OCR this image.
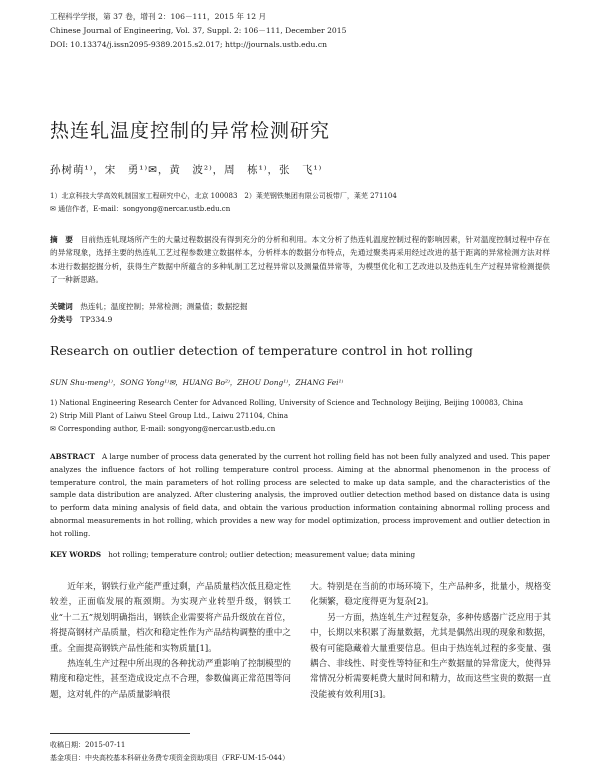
工程科学学报，第 37 卷，增刊 2：106－111，2015 年 12 月
Chinese Journal of Engineering, Vol. 37, Suppl. 2: 106－111, December 2015
DOI: 10.13374/j.issn2095-9389.2015.s2.017; http://journals.ustb.edu.cn
热连轧温度控制的异常检测研究
孙树萌¹⁾，宋　勇¹⁾✉，黄　波²⁾，周　栋¹⁾，张　飞¹⁾
1）北京科技大学高效轧制国家工程研究中心，北京 100083　2）莱芜钢铁集团有限公司板带厂，莱芜 271104
✉ 通信作者，E-mail：songyong@nercar.ustb.edu.cn
摘　要　 目前热连轧现场所产生的大量过程数据没有得到充分的分析和利用。本文分析了热连轧温度控制过程的影响因素，针对温度控制过程中存在的异常现象，选择主要的热连轧工艺过程参数建立数据样本，分析样本的数据分布特点，先通过聚类再采用经过改进的基于距离的异常检测方法对样本进行数据挖掘分析，获得生产数据中所蕴含的多种轧制工艺过程异常以及测量值异常等，为模型优化和工艺改进以及热连轧生产过程异常检测提供了一种新思路。
关键词　 热连轧；温度控制；异常检测；测量值；数据挖掘
分类号　 TP334.9
Research on outlier detection of temperature control in hot rolling
SUN Shu-meng¹⁾，SONG Yong¹⁾✉，HUANG Bo²⁾，ZHOU Dong¹⁾，ZHANG Fei¹⁾
1) National Engineering Research Center for Advanced Rolling, University of Science and Technology Beijing, Beijing 100083, China
2) Strip Mill Plant of Laiwu Steel Group Ltd., Laiwu 271104, China
✉ Corresponding author, E-mail: songyong@nercar.ustb.edu.cn
ABSTRACT　 A large number of process data generated by the current hot rolling field has not been fully analyzed and used. This paper analyzes the influence factors of hot rolling temperature control process. Aiming at the abnormal phenomenon in the process of temperature control, the main parameters of hot rolling process are selected to make up data sample, and the characteristics of the sample data distribution are analyzed. After clustering analysis, the improved outlier detection method based on distance data is using to perform data mining analysis of field data, and obtain the various production information containing abnormal rolling process and abnormal measurements in hot rolling, which provides a new way for model optimization, process improvement and outlier detection in hot rolling.
KEY WORDS　 hot rolling; temperature control; outlier detection; measurement value; data mining

近年来，钢铁行业产能严重过剩，产品质量档次低且稳定性较差，正面临发展的瓶颈期。为实现产业转型升级，钢铁工业“十二五”规划明确指出，钢铁企业需要将产品升级放在首位，将提高钢材产品质量，档次和稳定性作为产品结构调整的重中之重。全面提高钢铁产品性能和实物质量[1]。

热连轧生产过程中所出现的各种扰动严重影响了控制模型的精度和稳定性，甚至造成设定点不合理，参数偏离正常范围等问题，这对轧件的产品质量影响很

大。特别是在当前的市场环境下，生产品种多，批量小，规格变化频繁，稳定度得更为复杂[2]。

另一方面，热连轧生产过程复杂，多种传感器广泛应用于其中，长期以来积累了海量数据，尤其是偶然出现的现象和数据，极有可能隐藏着大量重要信息。但由于热连轧过程的多变量、强耦合、非线性、时变性等特征和生产数据量的异常庞大，使得异常情况分析需要耗费大量时间和精力，故而这些宝贵的数据一直没能被有效利用[3]。

收稿日期：2015-07-11
基金项目：中央高校基本科研业务费专项资金资助项目（FRF-UM-15-044）
